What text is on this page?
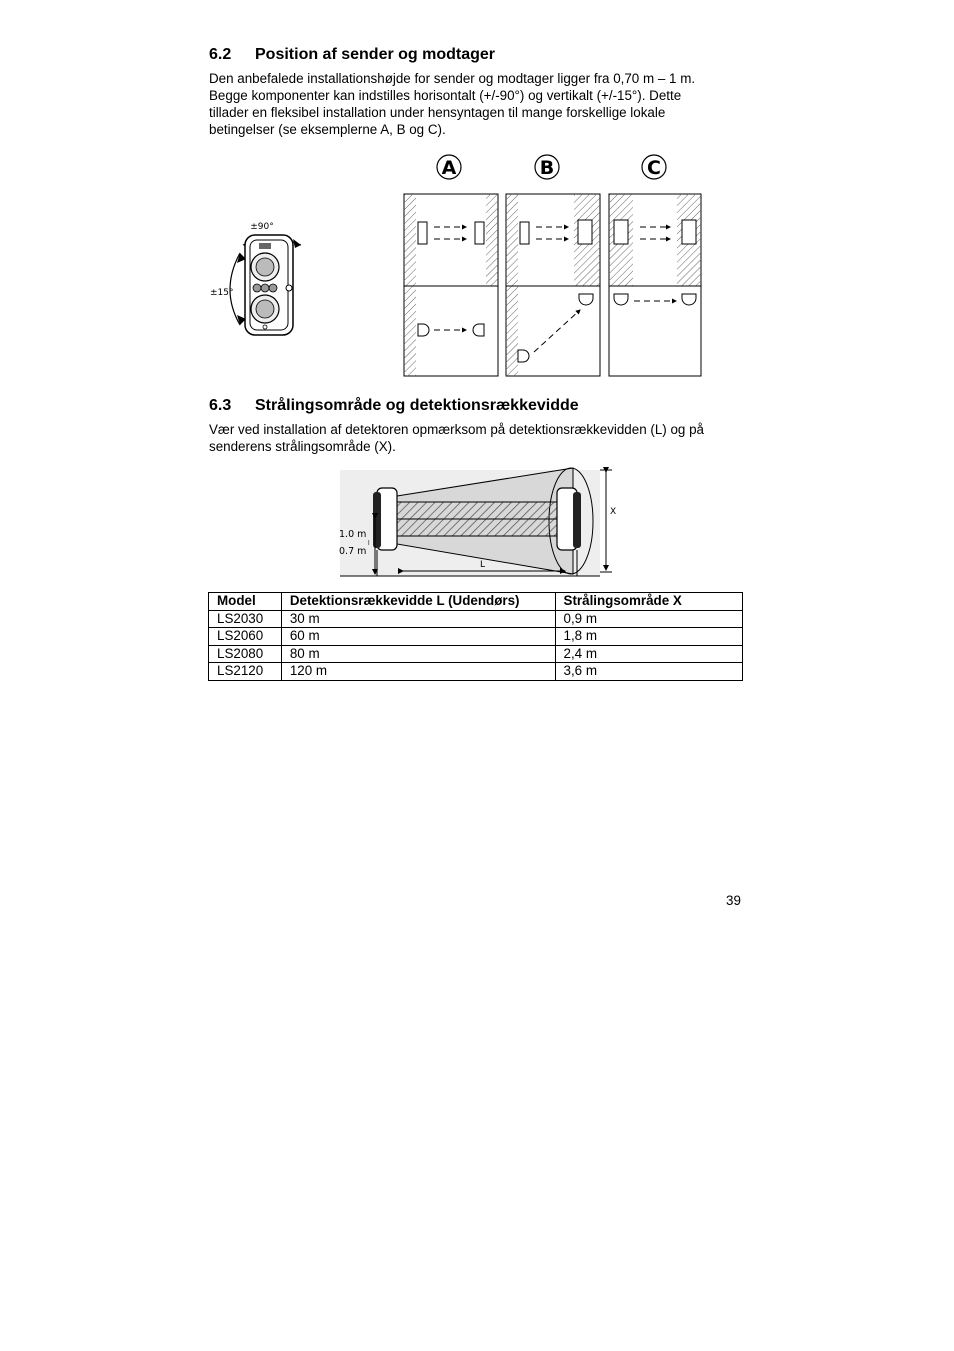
6.2 Position af sender og modtager
Den anbefalede installationshøjde for sender og modtager ligger fra 0,70 m – 1 m.
Begge komponenter kan indstilles horisontalt (+/-90°) og vertikalt (+/-15°). Dette
tillader en fleksibel installation under hensyntagen til mange forskellige lokale
betingelser (se eksemplerne A, B og C).
±90°
±15°
A	B	C
6.3 Strålingsområde og detektionsrækkevidde
Vær ved installation af detektoren opmærksom på detektionsrækkevidden (L) og på
senderens strålingsområde (X).
1.0 m
l
0.7 m
L
X
Model	Detektionsrækkevidde L (Udendørs)	Strålingsområde X
LS2030	30 m	0,9 m
LS2060	60 m	1,8 m
LS2080	80 m	2,4 m
LS2120	120 m	3,6 m
39
